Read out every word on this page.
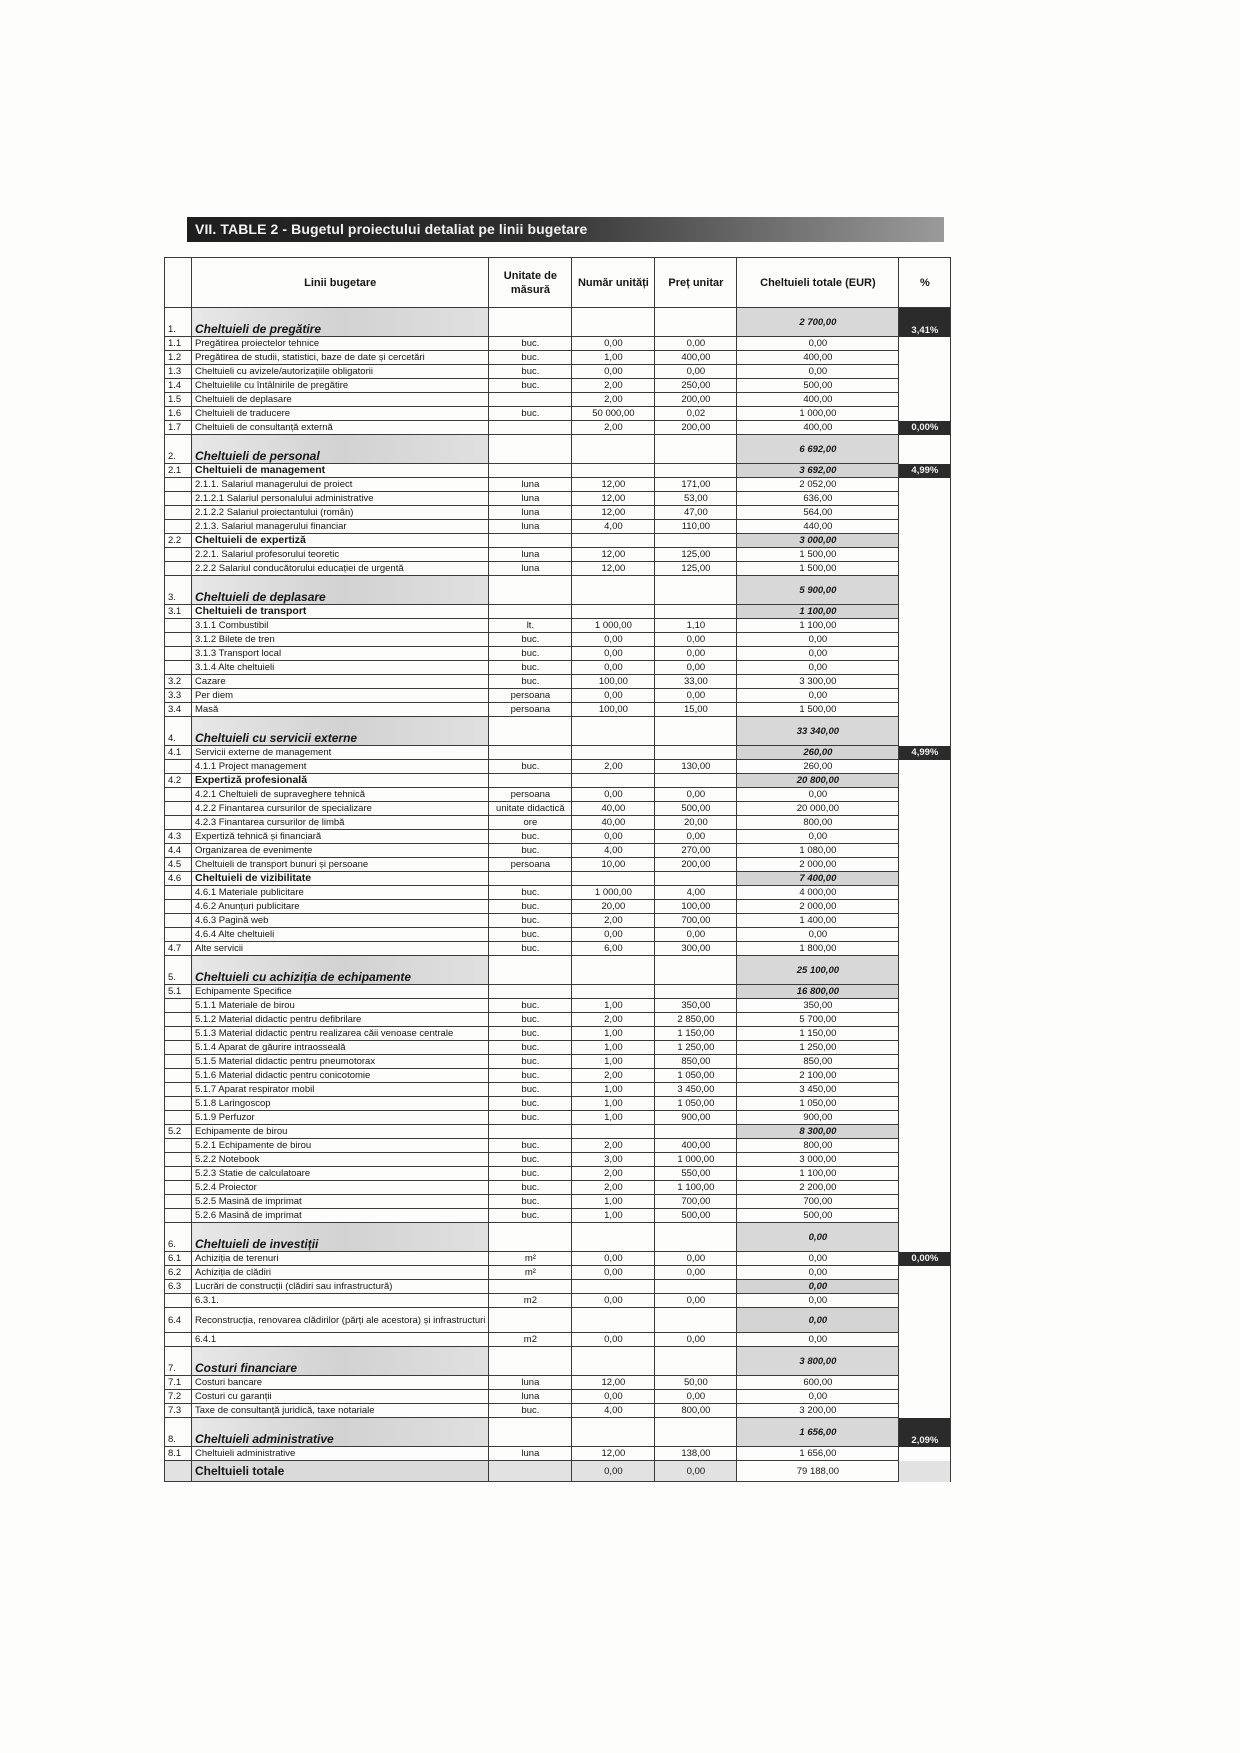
VII. TABLE 2 - Bugetul proiectului detaliat pe linii bugetare
	Linii bugetare	Unitate de măsură	Număr unități	Preț unitar	Cheltuieli totale (EUR)	%
1.	Cheltuieli de pregătire				2 700,00	3,41%
1.1	Pregătirea proiectelor tehnice	buc.	0,00	0,00	0,00	
1.2	Pregătirea de studii, statistici, baze de date și cercetări	buc.	1,00	400,00	400,00	
1.3	Cheltuieli cu avizele/autorizațiile obligatorii	buc.	0,00	0,00	0,00	
1.4	Cheltuielile cu întâlnirile de pregătire	buc.	2,00	250,00	500,00	
1.5	Cheltuieli de deplasare		2,00	200,00	400,00	
1.6	Cheltuieli de traducere	buc.	50 000,00	0,02	1 000,00	
1.7	Cheltuieli de consultanță externă		2,00	200,00	400,00	0,00%
2.	Cheltuieli de personal				6 692,00	
2.1	Cheltuieli de management				3 692,00	4,99%
	2.1.1. Salariul managerului de proiect	luna	12,00	171,00	2 052,00	
	2.1.2.1 Salariul personalului administrative	luna	12,00	53,00	636,00	
	2.1.2.2 Salariul proiectantului (român)	luna	12,00	47,00	564,00	
	2.1.3. Salariul managerului financiar	luna	4,00	110,00	440,00	
2.2	Cheltuieli de expertiză				3 000,00	
	2.2.1. Salariul profesorului teoretic	luna	12,00	125,00	1 500,00	
	2.2.2 Salariul conducătorului educației de urgentă	luna	12,00	125,00	1 500,00	
3.	Cheltuieli de deplasare				5 900,00	
3.1	Cheltuieli de transport				1 100,00	
	3.1.1 Combustibil	lt.	1 000,00	1,10	1 100,00	
	3.1.2 Bilete de tren	buc.	0,00	0,00	0,00	
	3.1.3 Transport local	buc.	0,00	0,00	0,00	
	3.1.4 Alte cheltuieli	buc.	0,00	0,00	0,00	
3.2	Cazare	buc.	100,00	33,00	3 300,00	
3.3	Per diem	persoana	0,00	0,00	0,00	
3.4	Masă	persoana	100,00	15,00	1 500,00	
4.	Cheltuieli cu servicii externe				33 340,00	
4.1	Servicii externe de management				260,00	4,99%
	4.1.1 Project management	buc.	2,00	130,00	260,00	
4.2	Expertiză profesională				20 800,00	
	4.2.1 Cheltuieli de supraveghere tehnică	persoana	0,00	0,00	0,00	
	4.2.2 Finantarea cursurilor de specializare	unitate didactică	40,00	500,00	20 000,00	
	4.2.3 Finantarea cursurilor de limbă	ore	40,00	20,00	800,00	
4.3	Expertiză tehnică și financiară	buc.	0,00	0,00	0,00	
4.4	Organizarea de evenimente	buc.	4,00	270,00	1 080,00	
4.5	Cheltuieli de transport bunuri și persoane	persoana	10,00	200,00	2 000,00	
4.6	Cheltuieli de vizibilitate				7 400,00	
	4.6.1 Materiale publicitare	buc.	1 000,00	4,00	4 000,00	
	4.6.2 Anunțuri publicitare	buc.	20,00	100,00	2 000,00	
	4.6.3 Pagină web	buc.	2,00	700,00	1 400,00	
	4.6.4 Alte cheltuieli	buc.	0,00	0,00	0,00	
4.7	Alte servicii	buc.	6,00	300,00	1 800,00	
5.	Cheltuieli cu achiziția de echipamente				25 100,00	
5.1	Echipamente Specifice				16 800,00	
	5.1.1 Materiale de birou	buc.	1,00	350,00	350,00	
	5.1.2 Material didactic pentru defibrilare	buc.	2,00	2 850,00	5 700,00	
	5.1.3 Material didactic pentru realizarea căii venoase centrale	buc.	1,00	1 150,00	1 150,00	
	5.1.4 Aparat de găurire intraosseală	buc.	1,00	1 250,00	1 250,00	
	5.1.5 Material didactic pentru pneumotorax	buc.	1,00	850,00	850,00	
	5.1.6 Material didactic pentru conicotomie	buc.	2,00	1 050,00	2 100,00	
	5.1.7 Aparat respirator mobil	buc.	1,00	3 450,00	3 450,00	
	5.1.8 Laringoscop	buc.	1,00	1 050,00	1 050,00	
	5.1.9 Perfuzor	buc.	1,00	900,00	900,00	
5.2	Echipamente de birou				8 300,00	
	5.2.1 Echipamente de birou	buc.	2,00	400,00	800,00	
	5.2.2 Notebook	buc.	3,00	1 000,00	3 000,00	
	5.2.3 Statie de calculatoare	buc.	2,00	550,00	1 100,00	
	5.2.4 Proiector	buc.	2,00	1 100,00	2 200,00	
	5.2.5 Masină de imprimat	buc.	1,00	700,00	700,00	
	5.2.6 Masină de imprimat	buc.	1,00	500,00	500,00	
6.	Cheltuieli de investiții				0,00	
6.1	Achiziția de terenuri	m²	0,00	0,00	0,00	0,00%
6.2	Achiziția de clădiri	m²	0,00	0,00	0,00	
6.3	Lucrări de construcții (clădiri sau infrastructură)				0,00	
	6.3.1.	m2	0,00	0,00	0,00	
6.4	Reconstrucția, renovarea clădirilor (părți ale acestora) și infrastructuri				0,00	
	6.4.1	m2	0,00	0,00	0,00	
7.	Costuri financiare				3 800,00	
7.1	Costuri bancare	luna	12,00	50,00	600,00	
7.2	Costuri cu garanții	luna	0,00	0,00	0,00	
7.3	Taxe de consultanță juridică, taxe notariale	buc.	4,00	800,00	3 200,00	
8.	Cheltuieli administrative				1 656,00	2,09%
8.1	Cheltuieli administrative	luna	12,00	138,00	1 656,00	
	Cheltuieli totale		0,00	0,00	79 188,00	
